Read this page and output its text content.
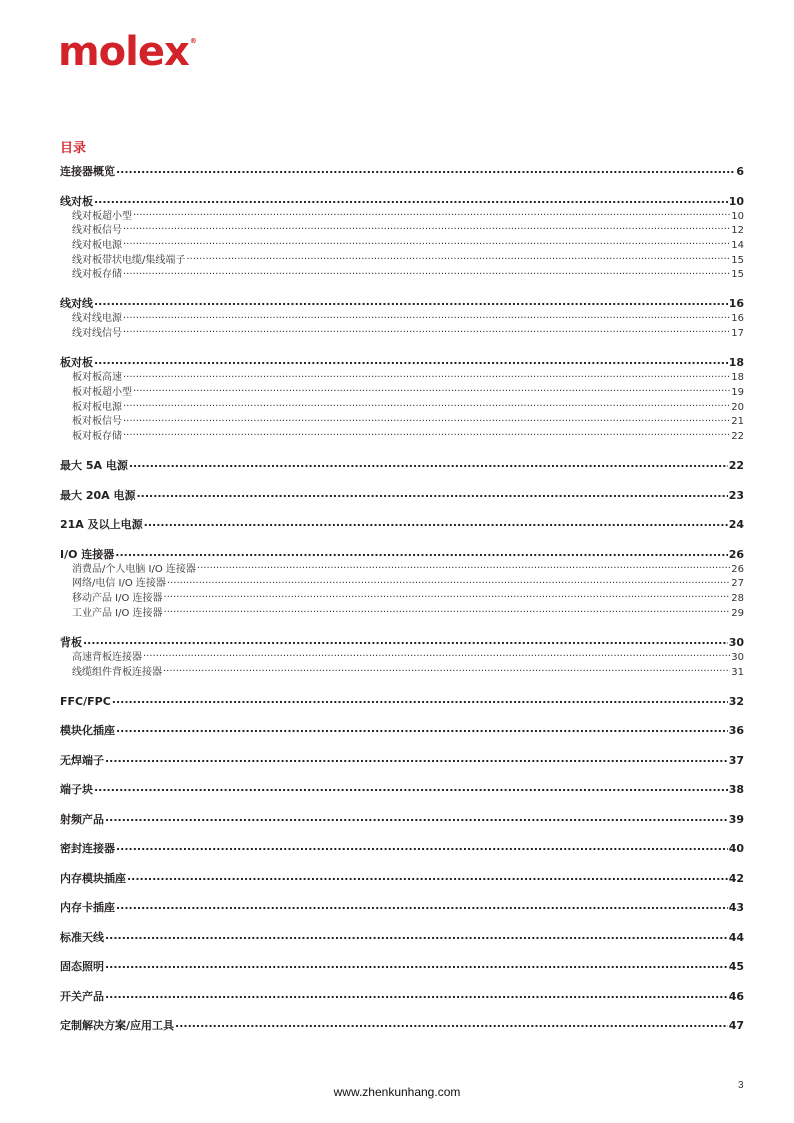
molex®
目录
连接器概览 .....	6
线对板 .....	10
线对板超小型 .....	10
线对板信号 .....	12
线对板电源 .....	14
线对板带状电缆/集线端子 .....	15
线对板存储 .....	15
线对线 .....	16
线对线电源 .....	16
线对线信号 .....	17
板对板 .....	18
板对板高速 .....	18
板对板超小型 .....	19
板对板电源 .....	20
板对板信号 .....	21
板对板存储 .....	22
最大 5A 电源 .....	22
最大 20A 电源 .....	23
21A 及以上电源 .....	24
I/O 连接器 .....	26
消费品/个人电脑 I/O 连接器 .....	26
网络/电信 I/O 连接器 .....	27
移动产品 I/O 连接器 .....	28
工业产品 I/O 连接器 .....	29
背板 .....	30
高速背板连接器 .....	30
线缆组件背板连接器 .....	31
FFC/FPC .....	32
模块化插座 .....	36
无焊端子 .....	37
端子块 .....	38
射频产品 .....	39
密封连接器 .....	40
内存模块插座 .....	42
内存卡插座 .....	43
标准天线 .....	44
固态照明 .....	45
开关产品 .....	46
定制解决方案/应用工具 .....	47
www.zhenkunhang.com	3
